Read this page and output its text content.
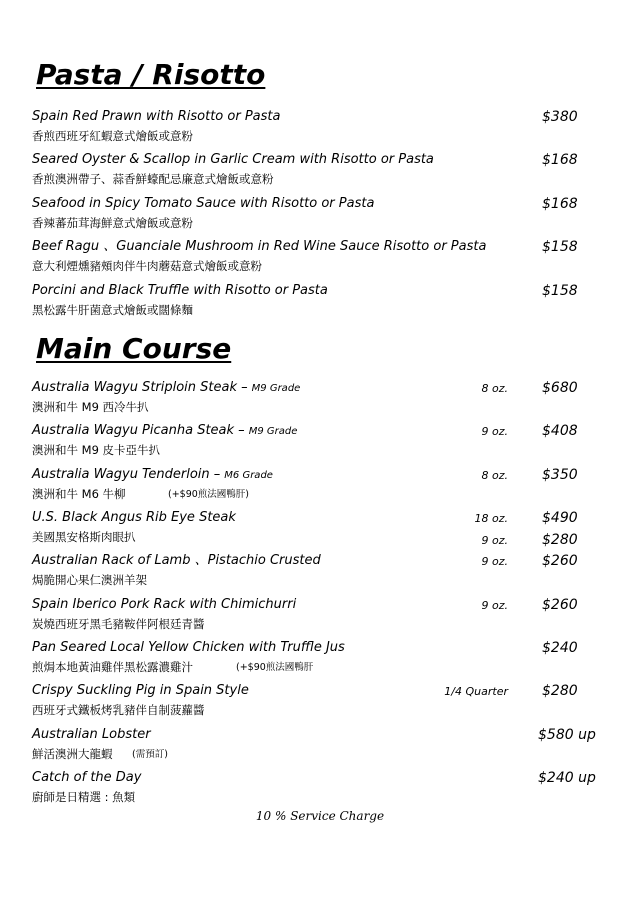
Pasta / Risotto
Spain Red Prawn with Risotto or Pasta
香煎西班牙紅蝦意式燴飯或意粉
$380
Seared Oyster & Scallop in Garlic Cream with Risotto or Pasta
香煎澳洲帶子、蒜香鮮蠔配忌廉意式燴飯或意粉
$168
Seafood in Spicy Tomato Sauce with Risotto or Pasta
香辣蕃茄茸海鮮意式燴飯或意粉
$168
Beef Ragu 、Guanciale Mushroom in Red Wine Sauce Risotto or Pasta
意大利煙燻豬頰肉伴牛肉蘑菇意式燴飯或意粉
$158
Porcini and Black Truffle with Risotto or Pasta
黑松露牛肝菌意式燴飯或闊條麵
$158
Main Course
Australia Wagyu Striploin Steak – M9 Grade
澳洲和牛 M9 西冷牛扒
8 oz. $680
Australia Wagyu Picanha Steak – M9 Grade
澳洲和牛 M9 皮卡亞牛扒
9 oz. $408
Australia Wagyu Tenderloin – M6 Grade
澳洲和牛 M6 牛柳	(+$90煎法國鴨肝)
8 oz. $350
U.S. Black Angus Rib Eye Steak
美國黑安格斯肉眼扒
18 oz. $490
9 oz. $280
Australian Rack of Lamb 、Pistachio Crusted
焗脆開心果仁澳洲羊架
9 oz. $260
Spain Iberico Pork Rack with Chimichurri
炭燒西班牙黑毛豬鞍伴阿根廷青醬
9 oz. $260
Pan Seared Local Yellow Chicken with Truffle Jus
煎焗本地黃油雞伴黑松露濃雞汁	(+$90煎法國鴨肝
$240
Crispy Suckling Pig in Spain Style
西班牙式鐵板烤乳豬伴自制菠蘿醬
1/4 Quarter $280
Australian Lobster
鮮活澳洲大龍蝦 (需預訂)
$580 up
Catch of the Day
廚師是日精選 : 魚類
$240 up
10 % Service Charge
